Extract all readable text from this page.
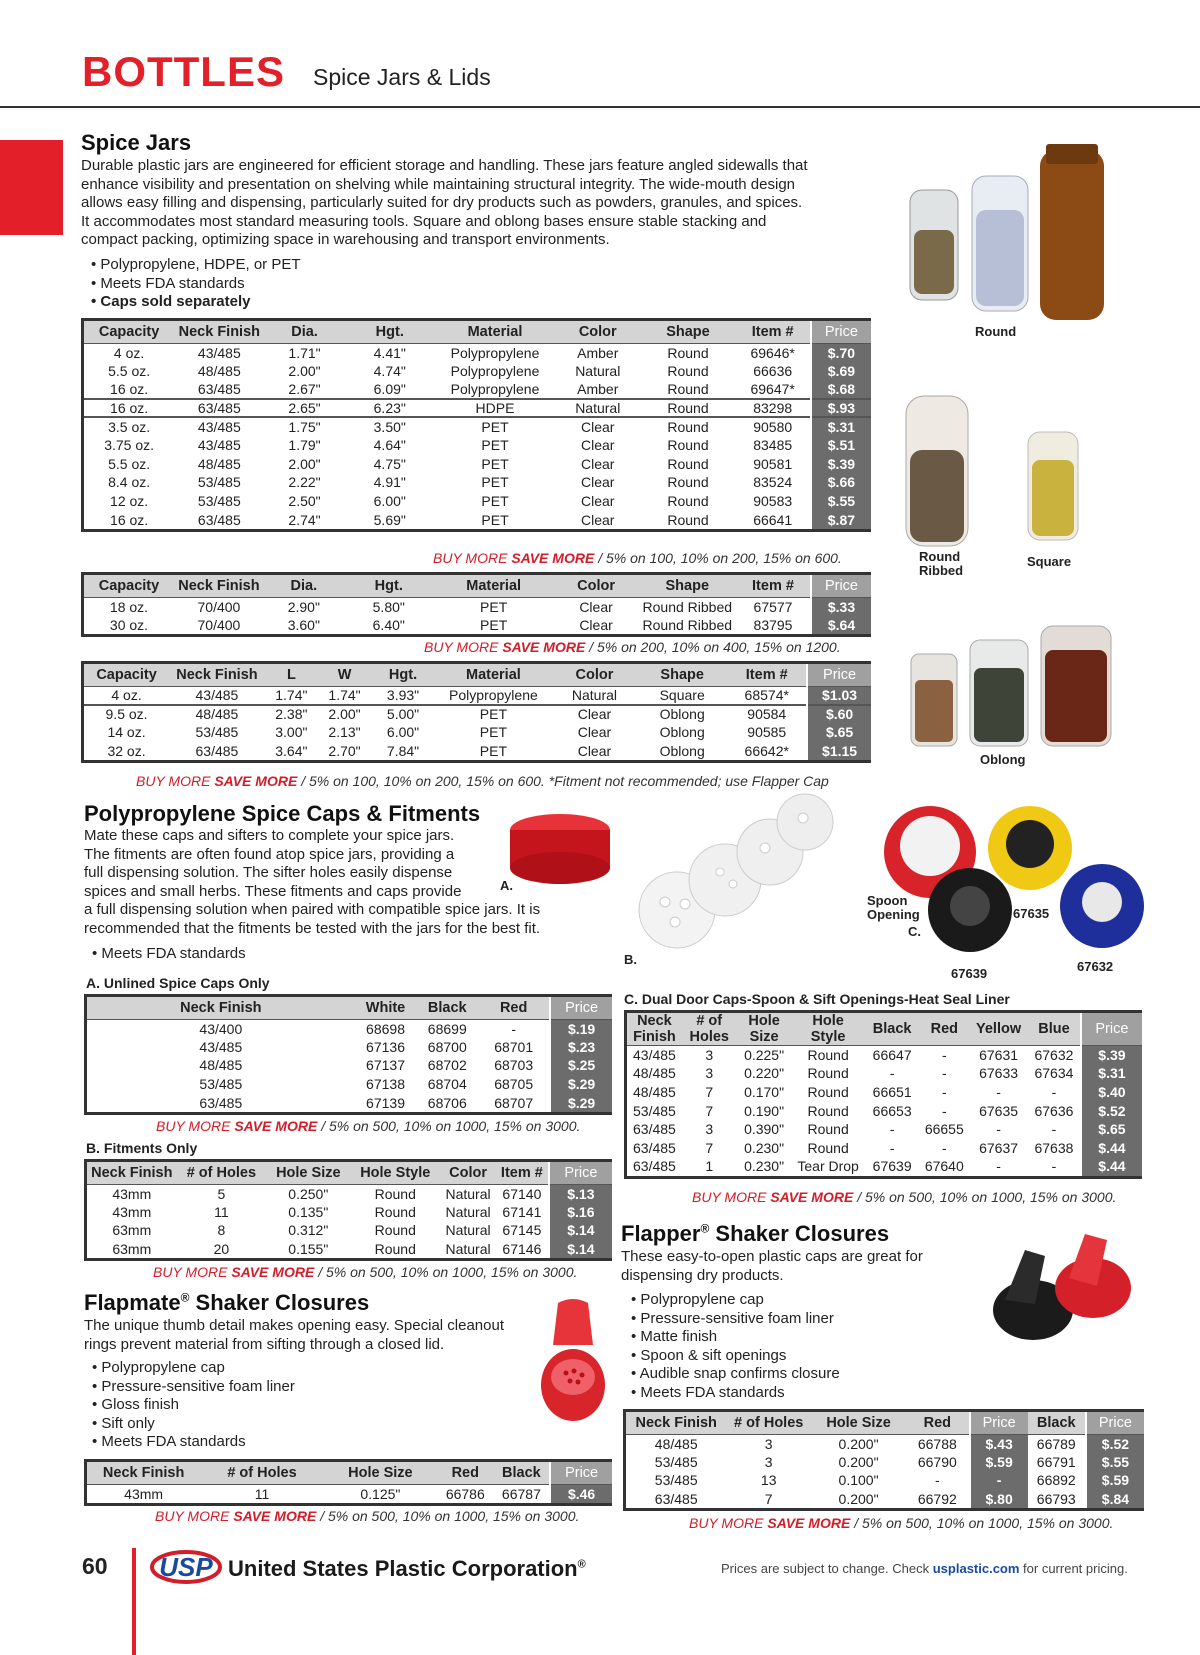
BOTTLES Spice Jars & Lids
Spice Jars
Durable plastic jars are engineered for efficient storage and handling. These jars feature angled sidewalls that
enhance visibility and presentation on shelving while maintaining structural integrity. The wide-mouth design
allows easy filling and dispensing, particularly suited for dry products such as powders, granules, and spices.
It accommodates most standard measuring tools. Square and oblong bases ensure stable stacking and
compact packing, optimizing space in warehousing and transport environments.
• Polypropylene, HDPE, or PET
• Meets FDA standards
• Caps sold separately
Capacity	Neck Finish	Dia.	Hgt.	Material	Color	Shape	Item #	Price
4 oz.	43/485	1.71"	4.41"	Polypropylene	Amber	Round	69646*	$.70
5.5 oz.	48/485	2.00"	4.74"	Polypropylene	Natural	Round	66636	$.69
16 oz.	63/485	2.67"	6.09"	Polypropylene	Amber	Round	69647*	$.68
16 oz.	63/485	2.65"	6.23"	HDPE	Natural	Round	83298	$.93
3.5 oz.	43/485	1.75"	3.50"	PET	Clear	Round	90580	$.31
3.75 oz.	43/485	1.79"	4.64"	PET	Clear	Round	83485	$.51
5.5 oz.	48/485	2.00"	4.75"	PET	Clear	Round	90581	$.39
8.4 oz.	53/485	2.22"	4.91"	PET	Clear	Round	83524	$.66
12 oz.	53/485	2.50"	6.00"	PET	Clear	Round	90583	$.55
16 oz.	63/485	2.74"	5.69"	PET	Clear	Round	66641	$.87
BUY MORE SAVE MORE / 5% on 100, 10% on 200, 15% on 600.
Capacity	Neck Finish	Dia.	Hgt.	Material	Color	Shape	Item #	Price
18 oz.	70/400	2.90"	5.80"	PET	Clear	Round Ribbed	67577	$.33
30 oz.	70/400	3.60"	6.40"	PET	Clear	Round Ribbed	83795	$.64
BUY MORE SAVE MORE / 5% on 200, 10% on 400, 15% on 1200.
Capacity	Neck Finish	L	W	Hgt.	Material	Color	Shape	Item #	Price
4 oz.	43/485	1.74"	1.74"	3.93"	Polypropylene	Natural	Square	68574*	$1.03
9.5 oz.	48/485	2.38"	2.00"	5.00"	PET	Clear	Oblong	90584	$.60
14 oz.	53/485	3.00"	2.13"	6.00"	PET	Clear	Oblong	90585	$.65
32 oz.	63/485	3.64"	2.70"	7.84"	PET	Clear	Oblong	66642*	$1.15
BUY MORE SAVE MORE / 5% on 100, 10% on 200, 15% on 600. *Fitment not recommended; use Flapper Cap
Round
Round
Ribbed
Square
Oblong
Polypropylene Spice Caps & Fitments
Mate these caps and sifters to complete your spice jars.
The fitments are often found atop spice jars, providing a
full dispensing solution. The sifter holes easily dispense
spices and small herbs. These fitments and caps provide
a full dispensing solution when paired with compatible spice jars. It is
recommended that the fitments be tested with the jars for the best fit.
• Meets FDA standards
A.
B.
Spoon
Opening
C.
67635
67639	67632
A. Unlined Spice Caps Only
Neck Finish	White	Black	Red	Price
43/400	68698	68699	-	$.19
43/485	67136	68700	68701	$.23
48/485	67137	68702	68703	$.25
53/485	67138	68704	68705	$.29
63/485	67139	68706	68707	$.29
BUY MORE SAVE MORE / 5% on 500, 10% on 1000, 15% on 3000.
B. Fitments Only
Neck Finish	# of Holes	Hole Size	Hole Style	Color	Item #	Price
43mm	5	0.250"	Round	Natural	67140	$.13
43mm	11	0.135"	Round	Natural	67141	$.16
63mm	8	0.312"	Round	Natural	67145	$.14
63mm	20	0.155"	Round	Natural	67146	$.14
BUY MORE SAVE MORE / 5% on 500, 10% on 1000, 15% on 3000.
C. Dual Door Caps-Spoon & Sift Openings-Heat Seal Liner
Neck Finish	# of Holes	Hole Size	Hole Style	Black	Red	Yellow	Blue	Price
43/485	3	0.225"	Round	66647	-	67631	67632	$.39
48/485	3	0.220"	Round	-	-	67633	67634	$.31
48/485	7	0.170"	Round	66651	-	-	-	$.40
53/485	7	0.190"	Round	66653	-	67635	67636	$.52
63/485	3	0.390"	Round	-	66655	-	-	$.65
63/485	7	0.230"	Round	-	-	67637	67638	$.44
63/485	1	0.230"	Tear Drop	67639	67640	-	-	$.44
BUY MORE SAVE MORE / 5% on 500, 10% on 1000, 15% on 3000.
Flapmate® Shaker Closures
The unique thumb detail makes opening easy. Special cleanout
rings prevent material from sifting through a closed lid.
• Polypropylene cap
• Pressure-sensitive foam liner
• Gloss finish
• Sift only
• Meets FDA standards
Neck Finish	# of Holes	Hole Size	Red	Black	Price
43mm	11	0.125"	66786	66787	$.46
BUY MORE SAVE MORE / 5% on 500, 10% on 1000, 15% on 3000.
Flapper® Shaker Closures
These easy-to-open plastic caps are great for
dispensing dry products.
• Polypropylene cap
• Pressure-sensitive foam liner
• Matte finish
• Spoon & sift openings
• Audible snap confirms closure
• Meets FDA standards
Neck Finish	# of Holes	Hole Size	Red	Price	Black	Price
48/485	3	0.200"	66788	$.43	66789	$.52
53/485	3	0.200"	66790	$.59	66791	$.55
53/485	13	0.100"	-	-	66892	$.59
63/485	7	0.200"	66792	$.80	66793	$.84
BUY MORE SAVE MORE / 5% on 500, 10% on 1000, 15% on 3000.
60 USP United States Plastic Corporation®	Prices are subject to change. Check usplastic.com for current pricing.
